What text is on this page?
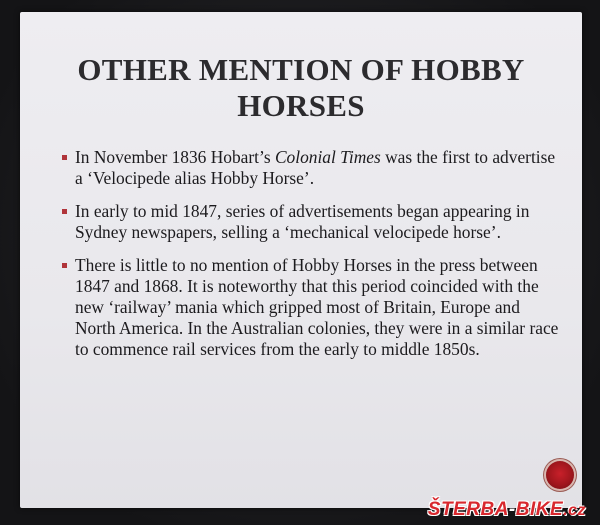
OTHER MENTION OF HOBBY HORSES
In November 1836 Hobart’s Colonial Times was the first to advertise a ‘Velocipede alias Hobby Horse’.
In early to mid 1847, series of advertisements began appearing in Sydney newspapers, selling a ‘mechanical velocipede horse’.
There is little to no mention of Hobby Horses in the press between 1847 and 1868. It is noteworthy that this period coincided with the new ‘railway’ mania which gripped most of Britain, Europe and North America. In the Australian colonies, they were in a similar race to commence rail services from the early to middle 1850s.
ŠTERBA-BIKE.cz
